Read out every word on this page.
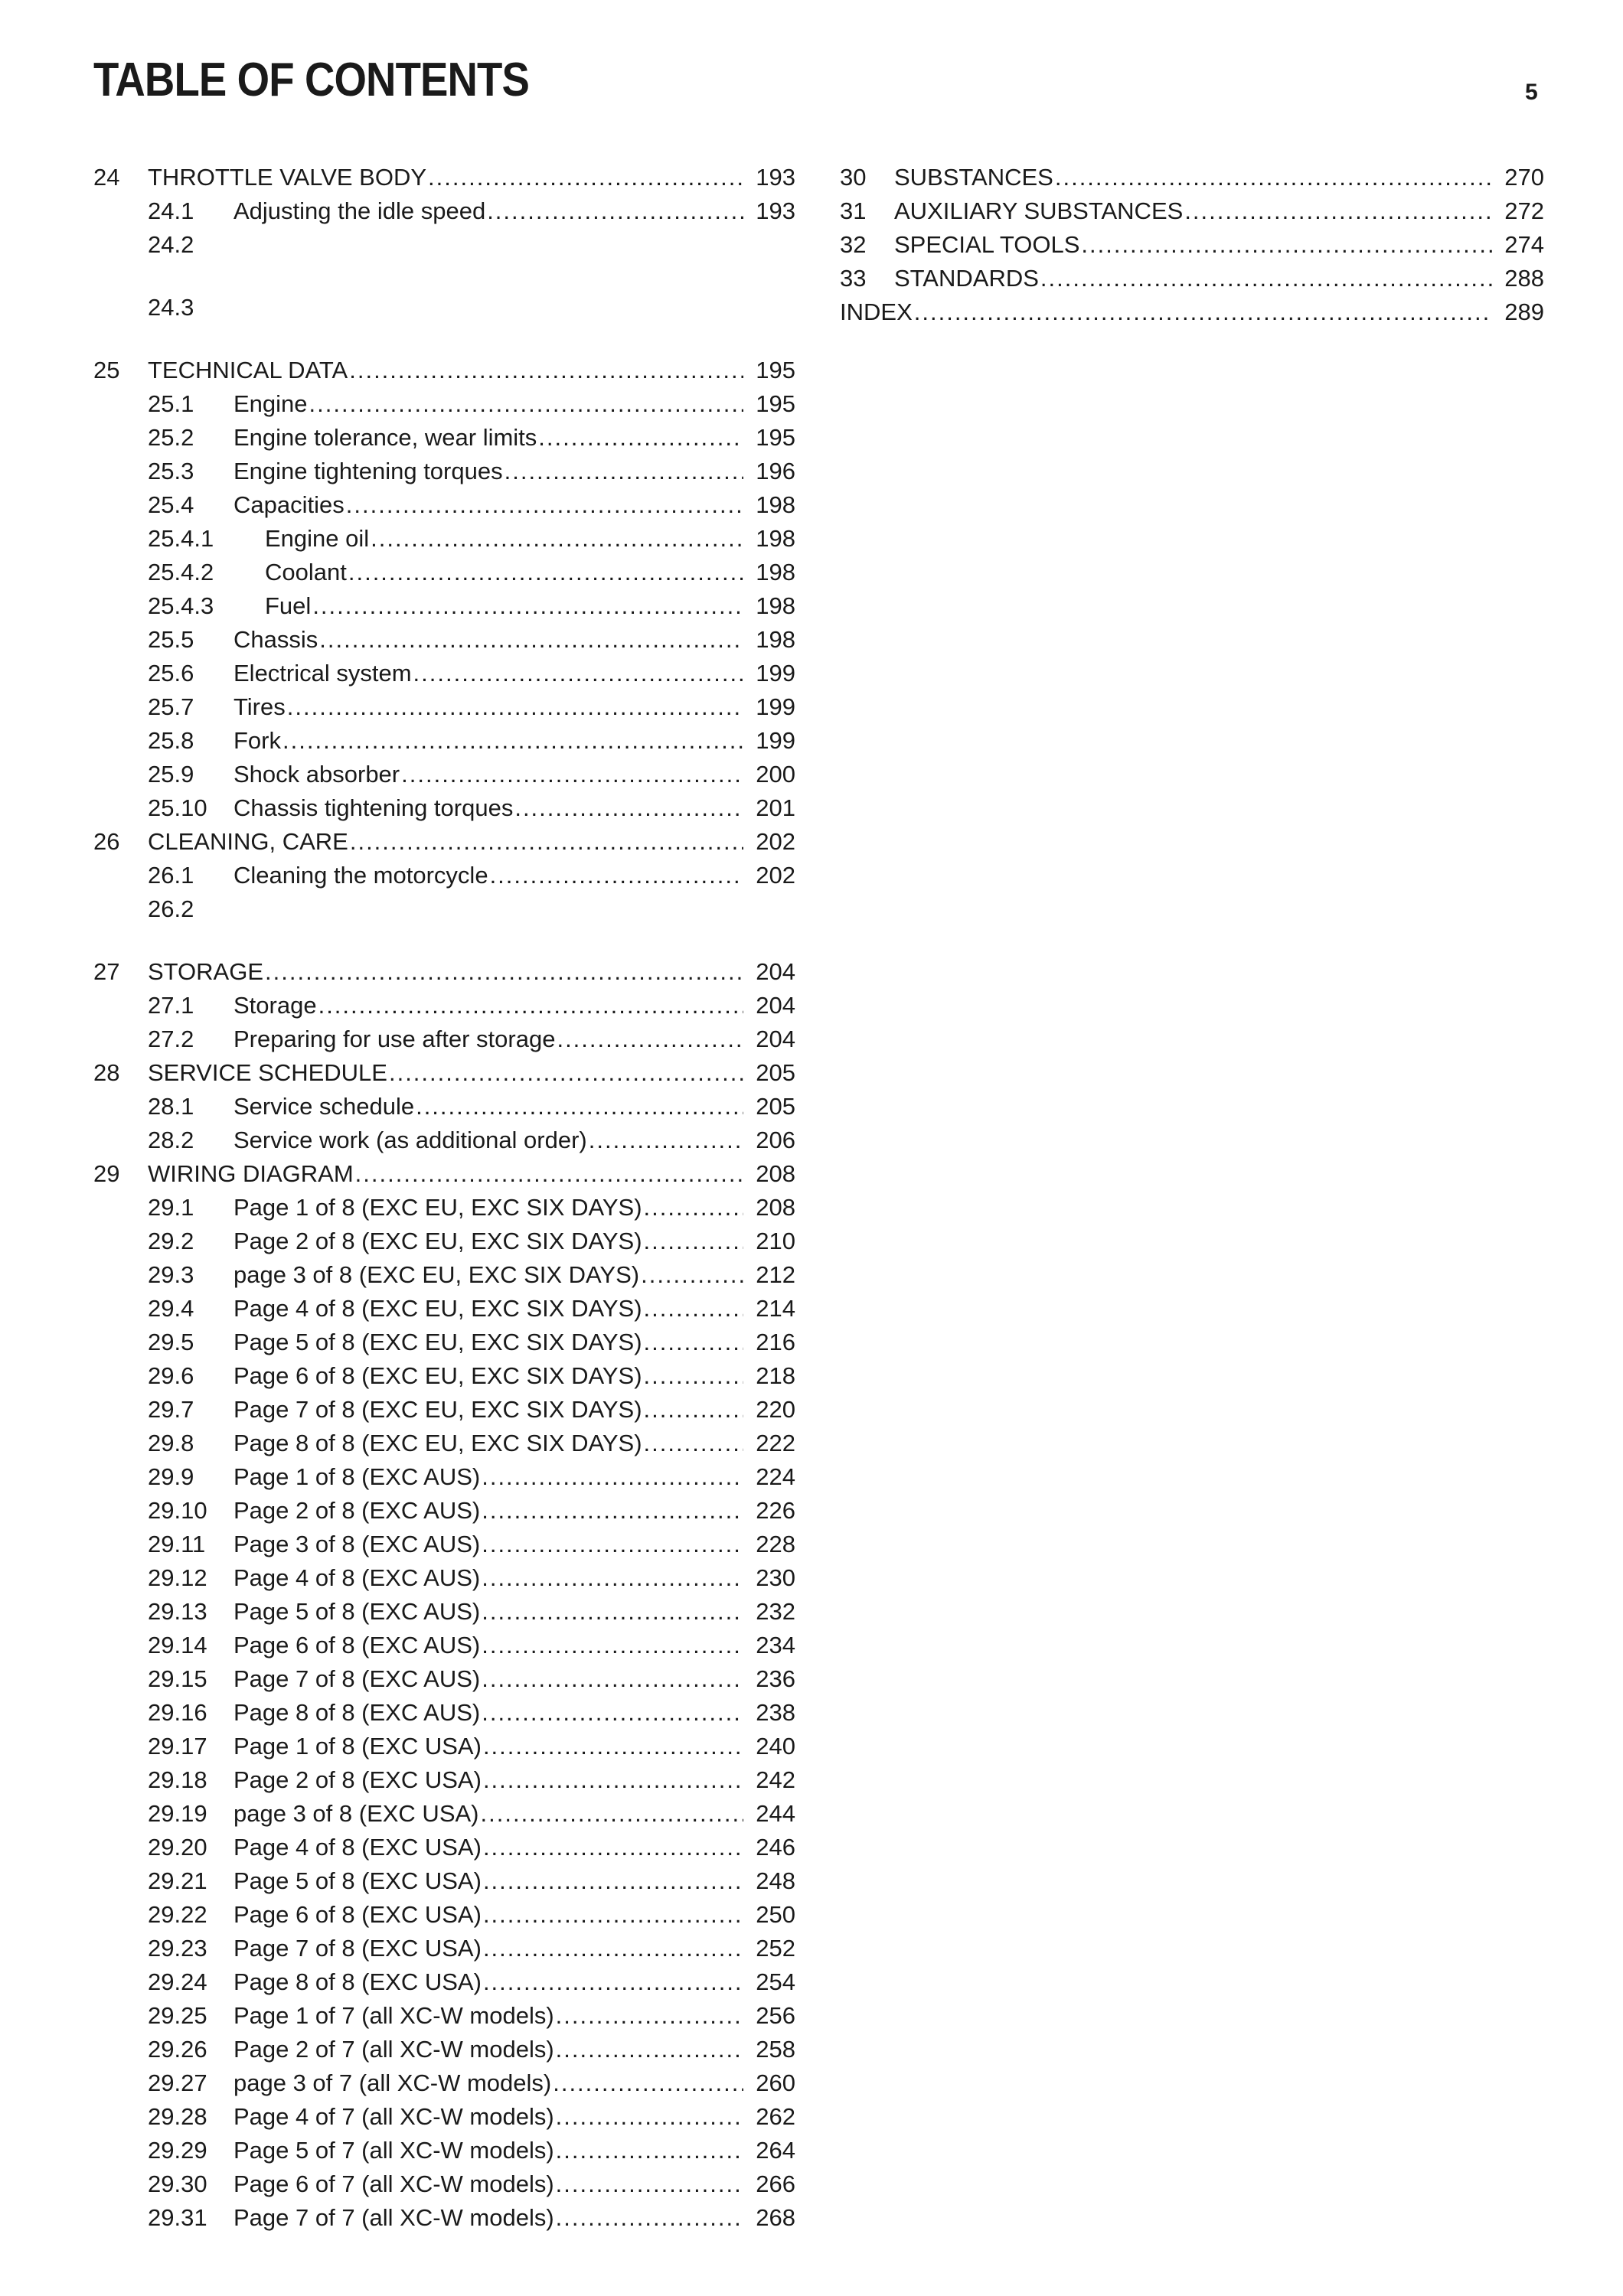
TABLE OF CONTENTS	5
24 THROTTLE VALVE BODY .....	193
24.1 Adjusting the idle speed .....	193
24.2
24.3
25 TECHNICAL DATA .....	195
25.1 Engine .....	195
25.2 Engine tolerance, wear limits .....	195
25.3 Engine tightening torques .....	196
25.4 Capacities .....	198
25.4.1 Engine oil .....	198
25.4.2 Coolant .....	198
25.4.3 Fuel .....	198
25.5 Chassis .....	198
25.6 Electrical system .....	199
25.7 Tires .....	199
25.8 Fork .....	199
25.9 Shock absorber .....	200
25.10 Chassis tightening torques .....	201
26 CLEANING, CARE .....	202
26.1 Cleaning the motorcycle .....	202
26.2
27 STORAGE .....	204
27.1 Storage .....	204
27.2 Preparing for use after storage .....	204
28 SERVICE SCHEDULE .....	205
28.1 Service schedule .....	205
28.2 Service work (as additional order) .....	206
29 WIRING DIAGRAM .....	208
29.1 Page 1 of 8 (EXC EU, EXC SIX DAYS) .....	208
29.2 Page 2 of 8 (EXC EU, EXC SIX DAYS) .....	210
29.3 page 3 of 8 (EXC EU, EXC SIX DAYS) .....	212
29.4 Page 4 of 8 (EXC EU, EXC SIX DAYS) .....	214
29.5 Page 5 of 8 (EXC EU, EXC SIX DAYS) .....	216
29.6 Page 6 of 8 (EXC EU, EXC SIX DAYS) .....	218
29.7 Page 7 of 8 (EXC EU, EXC SIX DAYS) .....	220
29.8 Page 8 of 8 (EXC EU, EXC SIX DAYS) .....	222
29.9 Page 1 of 8 (EXC AUS) .....	224
29.10 Page 2 of 8 (EXC AUS) .....	226
29.11 Page 3 of 8 (EXC AUS) .....	228
29.12 Page 4 of 8 (EXC AUS) .....	230
29.13 Page 5 of 8 (EXC AUS) .....	232
29.14 Page 6 of 8 (EXC AUS) .....	234
29.15 Page 7 of 8 (EXC AUS) .....	236
29.16 Page 8 of 8 (EXC AUS) .....	238
29.17 Page 1 of 8 (EXC USA) .....	240
29.18 Page 2 of 8 (EXC USA) .....	242
29.19 page 3 of 8 (EXC USA) .....	244
29.20 Page 4 of 8 (EXC USA) .....	246
29.21 Page 5 of 8 (EXC USA) .....	248
29.22 Page 6 of 8 (EXC USA) .....	250
29.23 Page 7 of 8 (EXC USA) .....	252
29.24 Page 8 of 8 (EXC USA) .....	254
29.25 Page 1 of 7 (all XC-W models) .....	256
29.26 Page 2 of 7 (all XC-W models) .....	258
29.27 page 3 of 7 (all XC-W models) .....	260
29.28 Page 4 of 7 (all XC-W models) .....	262
29.29 Page 5 of 7 (all XC-W models) .....	264
29.30 Page 6 of 7 (all XC-W models) .....	266
29.31 Page 7 of 7 (all XC-W models) .....	268
30 SUBSTANCES .....	270
31 AUXILIARY SUBSTANCES .....	272
32 SPECIAL TOOLS .....	274
33 STANDARDS .....	288
INDEX .....	289
